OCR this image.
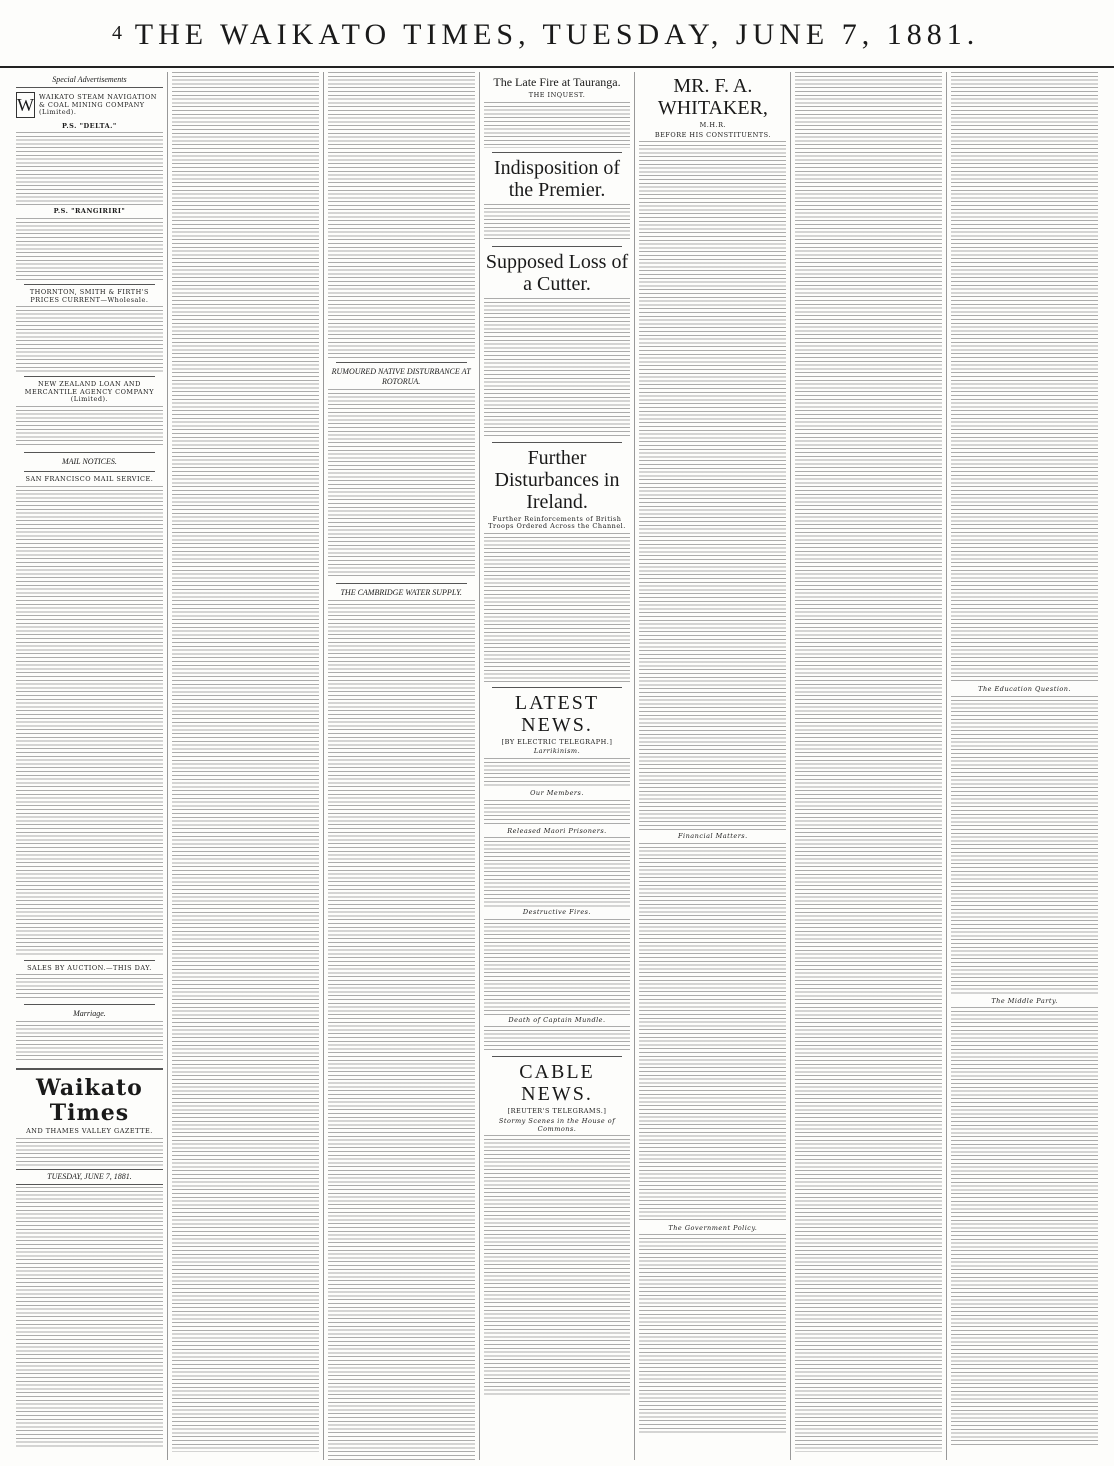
4 THE WAIKATO TIMES, TUESDAY, JUNE 7, 1881.
Special Advertisements
W WAIKATO STEAM NAVIGATION & COAL MINING COMPANY (Limited).
P.S. "DELTA."
P.S. "RANGIRIRI"
THORNTON, SMITH & FIRTH'S PRICES CURRENT—Wholesale.
NEW ZEALAND LOAN AND MERCANTILE AGENCY COMPANY (Limited).
MAIL NOTICES.
SAN FRANCISCO MAIL SERVICE.
SALES BY AUCTION.—THIS DAY.
Marriage.
Waikato Times
AND THAMES VALLEY GAZETTE.
TUESDAY, JUNE 7, 1881.
RUMOURED NATIVE DISTURBANCE AT ROTORUA.
THE CAMBRIDGE WATER SUPPLY.
The Late Fire at Tauranga.
THE INQUEST.
Indisposition of the Premier.
Supposed Loss of a Cutter.
Further Disturbances in Ireland.
Further Reinforcements of British Troops Ordered Across the Channel.
LATEST NEWS.
[BY ELECTRIC TELEGRAPH.]
Larrikinism.
Our Members.
Released Maori Prisoners.
Destructive Fires.
Death of Captain Mundle.
CABLE NEWS.
[REUTER'S TELEGRAMS.]
Stormy Scenes in the House of Commons.
MR. F. A. WHITAKER,
M.H.R.
BEFORE HIS CONSTITUENTS.
Financial Matters.
The Government Policy.
The Education Question.
The Middle Party.
